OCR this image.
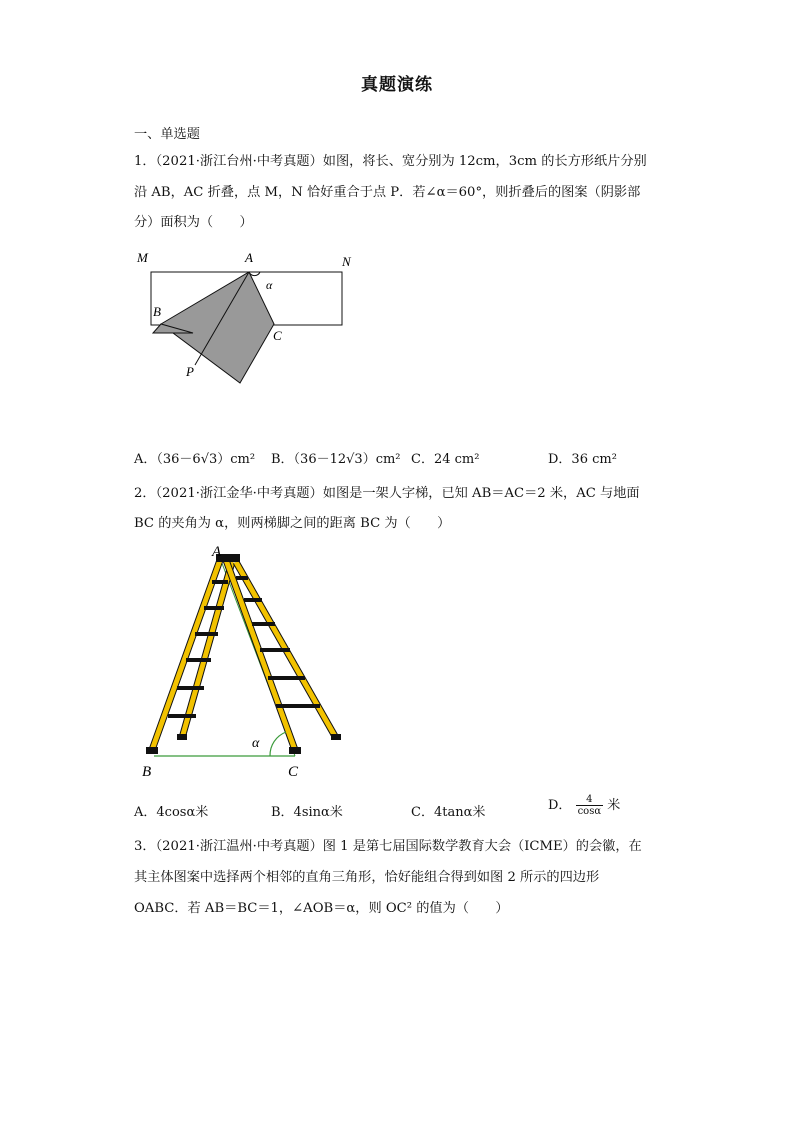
真题演练
一、单选题
1．（2021·浙江台州·中考真题）如图，将长、宽分别为 12cm，3cm 的长方形纸片分别
沿 AB，AC 折叠，点 M，N 恰好重合于点 P．若∠α＝60°，则折叠后的图案（阴影部
分）面积为（　　）
M	A	N
α
B
C
P
A．（36－6√3）cm² B．（36－12√3）cm² C．24 cm²	D．36 cm²
2．（2021·浙江金华·中考真题）如图是一架人字梯，已知 AB＝AC＝2 米，AC 与地面
BC 的夹角为 α，则两梯脚之间的距离 BC 为（　　）
A
B	C
α
A．4cosα米	B．4sinα米	C．4tanα米	D． $\frac{4}{\cos\alpha}$ 米
3．（2021·浙江温州·中考真题）图 1 是第七届国际数学教育大会（ICME）的会徽，在
其主体图案中选择两个相邻的直角三角形，恰好能组合得到如图 2 所示的四边形
OABC．若 AB＝BC＝1，∠AOB＝α，则 OC² 的值为（　　）
